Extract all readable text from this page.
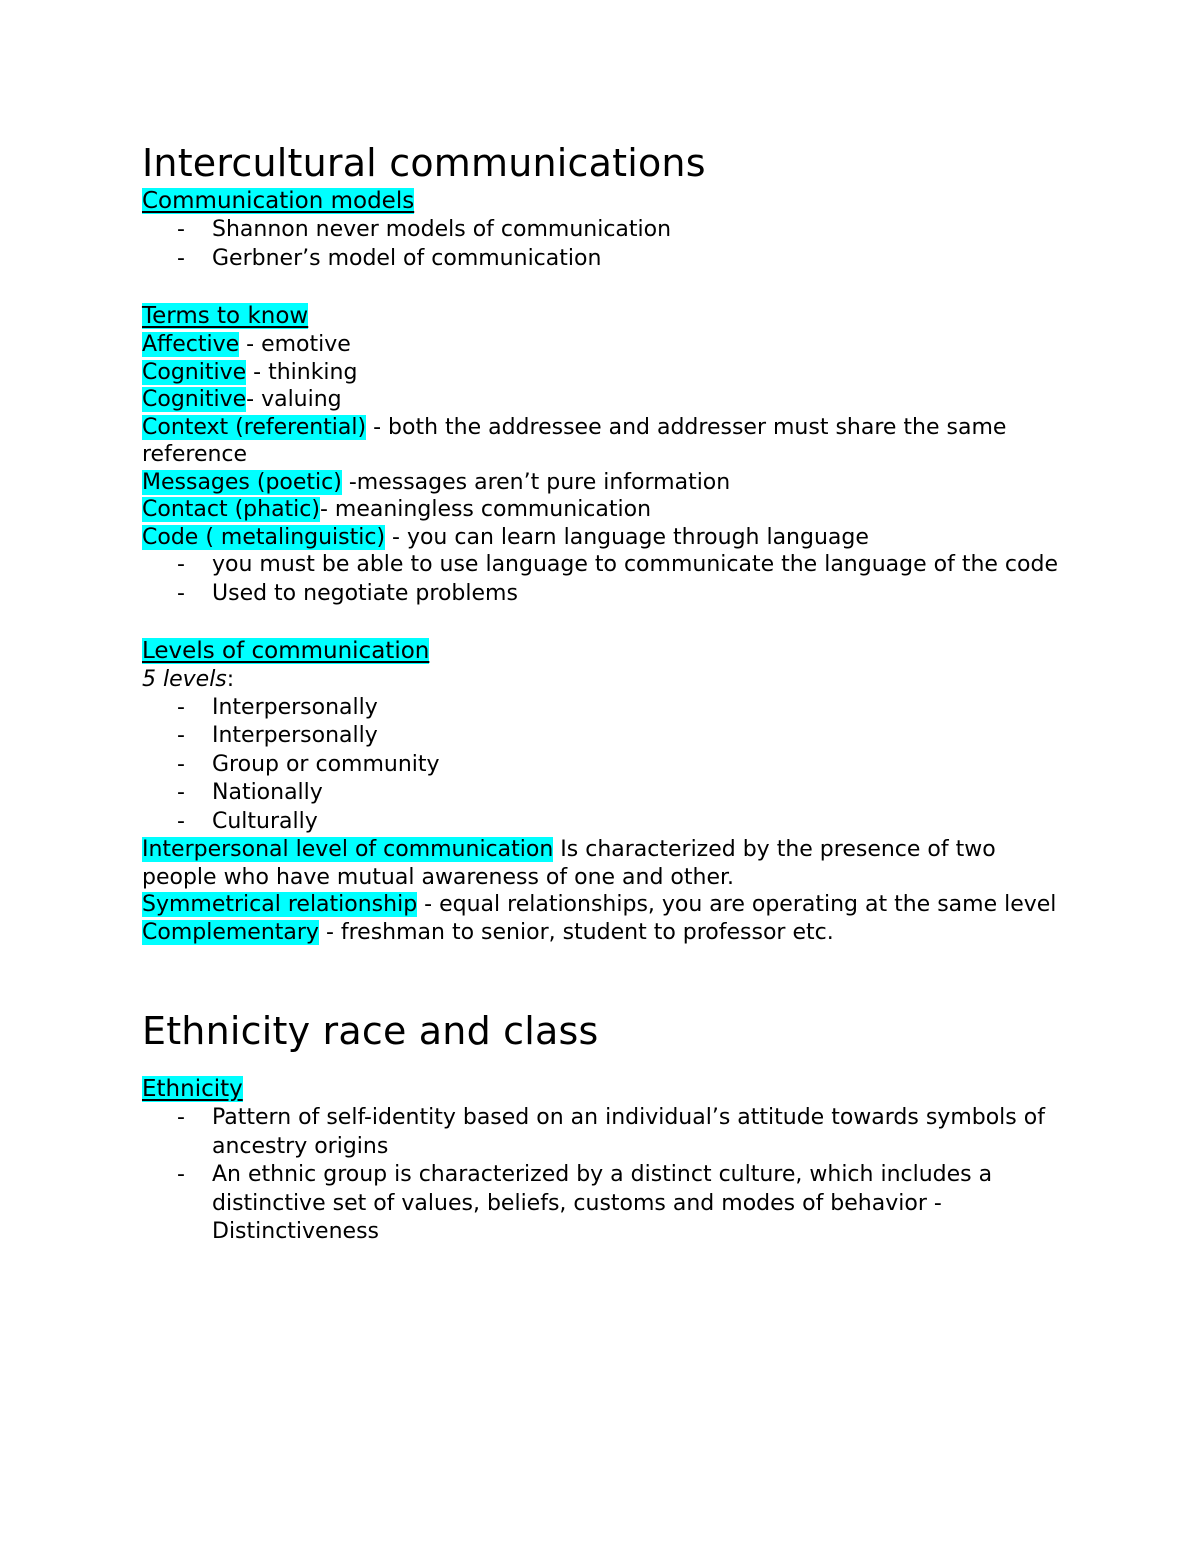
Intercultural communications
Communication models
- Shannon never models of communication
- Gerbner’s model of communication
Terms to know

Affective - emotive

Cognitive - thinking

Cognitive- valuing

Context (referential) - both the addressee and addresser must share the same reference

Messages (poetic) -messages aren’t pure information

Contact (phatic)- meaningless communication

Code ( metalinguistic) - you can learn language through language

- you must be able to use language to communicate the language of the code
- Used to negotiate problems
Levels of communication

5 levels:

- Interpersonally
- Interpersonally
- Group or community
- Nationally
- Culturally

Interpersonal level of communication Is characterized by the presence of two people who have mutual awareness of one and other.

Symmetrical relationship - equal relationships, you are operating at the same level

Complementary - freshman to senior, student to professor etc.

Ethnicity race and class
Ethnicity
- Pattern of self-identity based on an individual’s attitude towards symbols of ancestry origins
- An ethnic group is characterized by a distinct culture, which includes a distinctive set of values, beliefs, customs and modes of behavior - Distinctiveness
